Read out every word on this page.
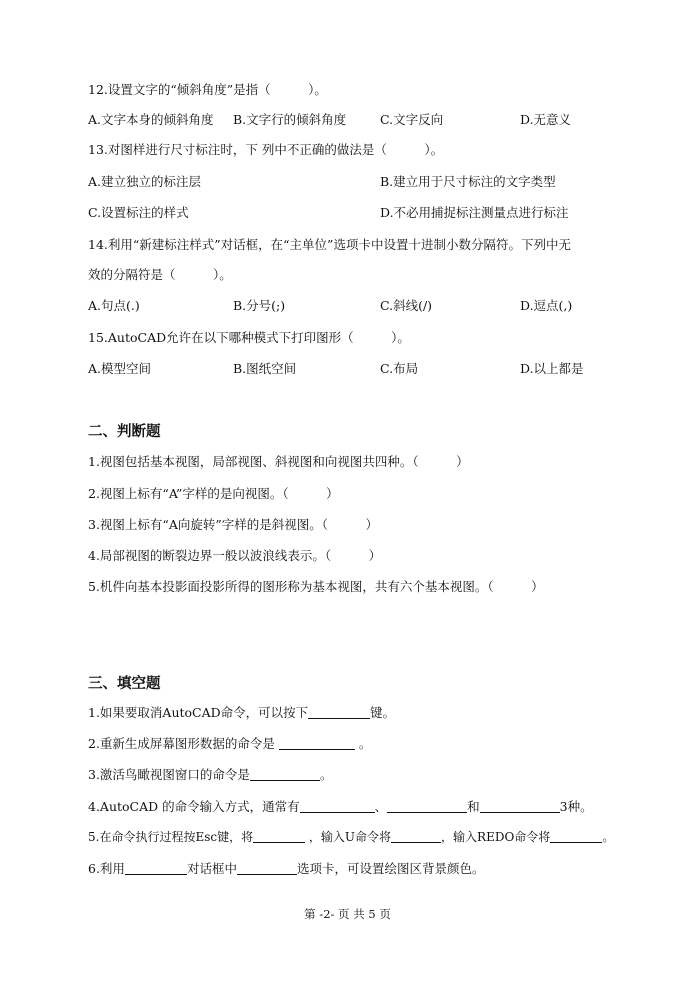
12.设置文字的“倾斜角度”是指（　　　）。
A.文字本身的倾斜角度 B.文字行的倾斜角度	C.文字反向	D.无意义
13.对图样进行尺寸标注时，下 列中不正确的做法是（　　　）。
A.建立独立的标注层	B.建立用于尺寸标注的文字类型
C.设置标注的样式	D.不必用捕捉标注测量点进行标注
14.利用“新建标注样式”对话框，在“主单位”选项卡中设置十进制小数分隔符。下列中无
效的分隔符是（　　　）。
A.句点(.)	B.分号(;)	C.斜线(/)	D.逗点(,)
15.AutoCAD允许在以下哪种模式下打印图形（　　　）。
A.模型空间	B.图纸空间	C.布局	D.以上都是
二、判断题
1.视图包括基本视图，局部视图、斜视图和向视图共四种。（　　　）
2.视图上标有“A”字样的是向视图。（　　　）
3.视图上标有“A向旋转”字样的是斜视图。（　　　）
4.局部视图的断裂边界一般以波浪线表示。（　　　）
5.机件向基本投影面投影所得的图形称为基本视图，共有六个基本视图。（　　　）
三、填空题
1.如果要取消AutoCAD命令，可以按下	键。
2.重新生成屏幕图形数据的命令是	。
3.激活鸟瞰视图窗口的命令是	。
4.AutoCAD 的命令输入方式，通常有	、	和	3种。
5.在命令执行过程按Esc键，将	，输入U命令将	，输入REDO命令将	。
6.利用	对话框中	选项卡，可设置绘图区背景颜色。
第 -2- 页 共 5 页
